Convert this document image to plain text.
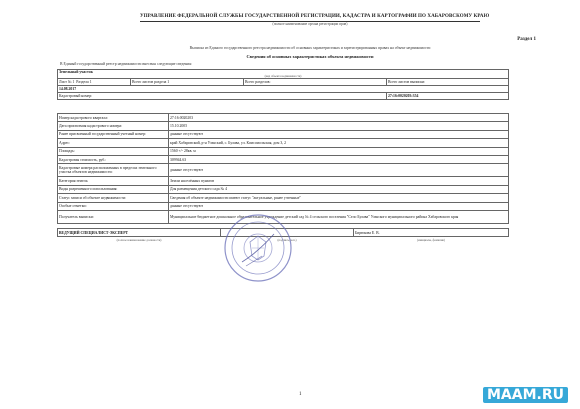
УПРАВЛЕНИЕ ФЕДЕРАЛЬНОЙ СЛУЖБЫ ГОСУДАРСТВЕННОЙ РЕГИСТРАЦИИ, КАДАСТРА И КАРТОГРАФИИ ПО ХАБАРОВСКОМУ КРАЮ
(полное наименование органа регистрации прав)
Раздел 1
Выписка из Единого государственного реестра недвижимости об основных характеристиках и зарегистрированных правах на объект недвижимости
Сведения об основных характеристиках объекта недвижимости
В Единый государственный реестр недвижимости внесены следующие сведения:
Земельный участок
(вид объекта недвижимости)			

Лист № 1 Раздела 1	Всего листов раздела 1	Всего разделов:	Всего листов выписки:
14.08.2017			
Кадастровый номер:			27:16:0020203:354
Номер кадастрового квартала:	27:16:0020203
Дата присвоения кадастрового номера:	15.10.2005
Ранее присвоенный государственный учетный номер:	данные отсутствуют
Адрес:	край Хабаровский, р-н Ульчский, с. Булава, ул. Комсомольская, дом 3, 2
Площадь:	1560 +/- 28кв. м
Кадастровая стоимость, руб.:	309944.63
Кадастровые номера расположенных в пределах земельного участка объектов недвижимости:	данные отсутствуют
Категория земель:	Земли населённых пунктов
Виды разрешенного использования:	Для размещения детского сада № 4
Статус записи об объекте недвижимости:	Сведения об объекте недвижимости имеют статус "актуальные, ранее учтенные"
Особые отметки:	данные отсутствуют
Получатель выписки:	Муниципальное бюджетное дошкольное образовательное учреждение детский сад № 4 сельского поселения "Село Булава" Ульчского муниципального района Хабаровского края
ВЕДУЩИЙ СПЕЦИАЛИСТ-ЭКСПЕРТ		Бирюкова Е. В.
(полное наименование должности)	(подпись, м.п.)	(инициалы, фамилия)
1	MAAM.RU
